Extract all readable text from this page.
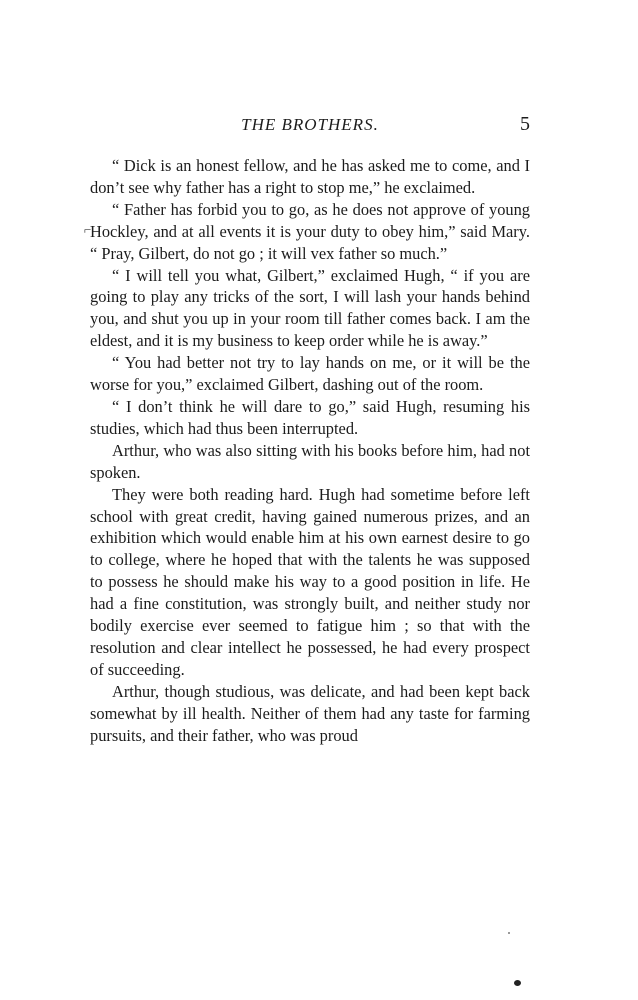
THE BROTHERS.	5
⌐

“ Dick is an honest fellow, and he has asked me to come, and I don’t see why father has a right to stop me,” he exclaimed.

“ Father has forbid you to go, as he does not approve of young Hockley, and at all events it is your duty to obey him,” said Mary. “ Pray, Gilbert, do not go ; it will vex father so much.”

“ I will tell you what, Gilbert,” exclaimed Hugh, “ if you are going to play any tricks of the sort, I will lash your hands behind you, and shut you up in your room till father comes back. I am the eldest, and it is my business to keep order while he is away.”

“ You had better not try to lay hands on me, or it will be the worse for you,” exclaimed Gilbert, dashing out of the room.

“ I don’t think he will dare to go,” said Hugh, resuming his studies, which had thus been interrupted.

Arthur, who was also sitting with his books before him, had not spoken.

They were both reading hard. Hugh had sometime before left school with great credit, having gained numerous prizes, and an exhibition which would enable him at his own earnest desire to go to college, where he hoped that with the talents he was supposed to possess he should make his way to a good position in life. He had a fine constitution, was strongly built, and neither study nor bodily exercise ever seemed to fatigue him ; so that with the resolution and clear intellect he possessed, he had every prospect of succeeding.

Arthur, though studious, was delicate, and had been kept back somewhat by ill health. Neither of them had any taste for farming pursuits, and their father, who was proud
